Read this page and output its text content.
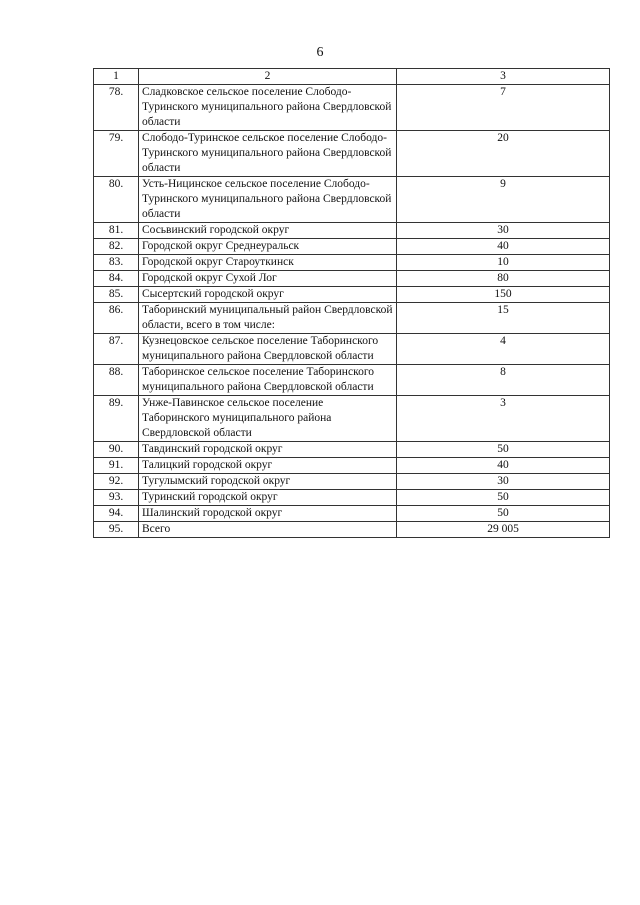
6
1	2	3
78.	Сладковское сельское поселение Слободо-Туринского муниципального района Свердловской области	7
79.	Слободо-Туринское сельское поселение Слободо-Туринского муниципального района Свердловской области	20
80.	Усть-Ницинское сельское поселение Слободо-Туринского муниципального района Свердловской области	9
81.	Сосьвинский городской округ	30
82.	Городской округ Среднеуральск	40
83.	Городской округ Староуткинск	10
84.	Городской округ Сухой Лог	80
85.	Сысертский городской округ	150
86.	Таборинский муниципальный район Свердловской области, всего в том числе:	15
87.	Кузнецовское сельское поселение Таборинского муниципального района Свердловской области	4
88.	Таборинское сельское поселение Таборинского муниципального района Свердловской области	8
89.	Унже-Павинское сельское поселение Таборинского муниципального района Свердловской области	3
90.	Тавдинский городской округ	50
91.	Талицкий городской округ	40
92.	Тугулымский городской округ	30
93.	Туринский городской округ	50
94.	Шалинский городской округ	50
95.	Всего	29 005
